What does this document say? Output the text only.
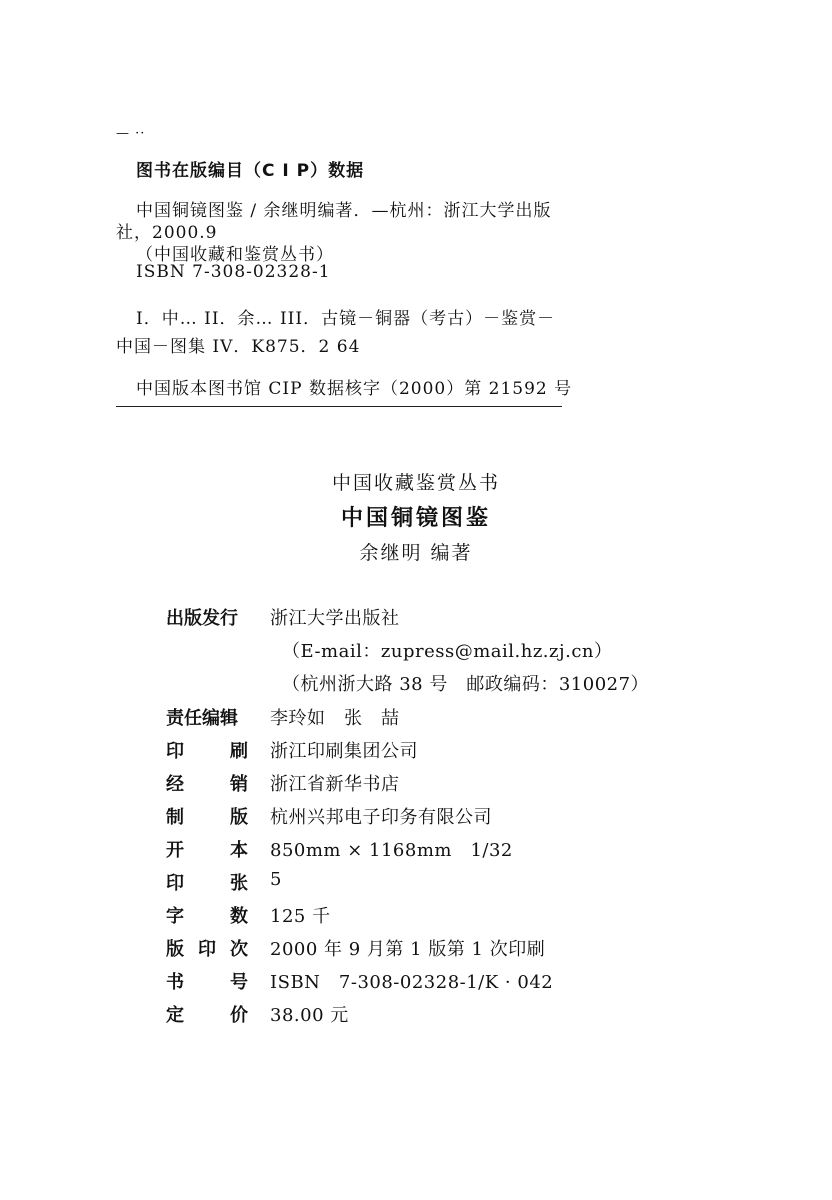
— ··
图书在版编目（C I P）数据
中国铜镜图鉴 / 余继明编著．—杭州：浙江大学出版
社，2000.9
（中国收藏和鉴赏丛书）
ISBN 7-308-02328-1
I．中… II．余… III．古镜－铜器（考古）－鉴赏－
中国－图集 IV．K875．2 64
中国版本图书馆 CIP 数据核字（2000）第 21592 号
中国收藏鉴赏丛书
中国铜镜图鉴
余继明 编著
出版发行 浙江大学出版社
（E-mail：zupress@mail.hz.zj.cn）
（杭州浙大路 38 号　邮政编码：310027）
责任编辑 李玲如　张　喆
印	刷 浙江印刷集团公司
经	销 浙江省新华书店
制	版 杭州兴邦电子印务有限公司
开	本 850mm × 1168mm　1/32
印	张 5
字	数 125 千
版 印 次 2000 年 9 月第 1 版第 1 次印刷
书	号 ISBN　7-308-02328-1/K · 042
定	价 38.00 元
